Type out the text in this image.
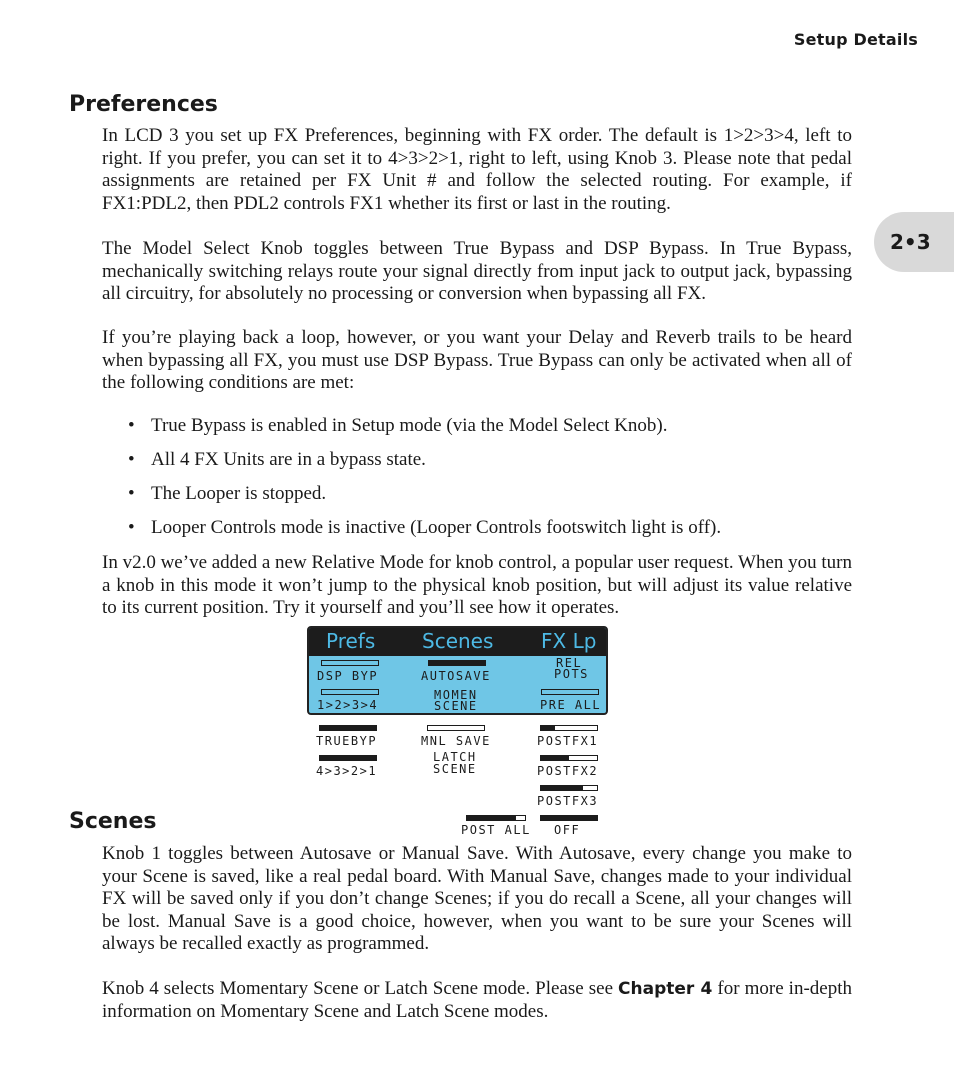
Setup Details
2•3
Preferences

In LCD 3 you set up FX Preferences, beginning with FX order. The default is 1>2>3>4, left to right. If you prefer, you can set it to 4>3>2>1, right to left, using Knob 3. Please note that pedal assignments are retained per FX Unit # and follow the selected routing. For example, if FX1:PDL2, then PDL2 controls FX1 whether its first or last in the routing.

The Model Select Knob toggles between True Bypass and DSP Bypass. In True Bypass, mechanically switching relays route your signal directly from input jack to output jack, bypassing all circuitry, for absolutely no processing or conversion when bypassing all FX.

If you’re playing back a loop, however, or you want your Delay and Reverb trails to be heard when bypassing all FX, you must use DSP Bypass. True Bypass can only be activated when all of the following conditions are met:

• True Bypass is enabled in Setup mode (via the Model Select Knob).
• All 4 FX Units are in a bypass state.
• The Looper is stopped.
• Looper Controls mode is inactive (Looper Controls footswitch light is off).

In v2.0 we’ve added a new Relative Mode for knob control, a popular user request. When you turn a knob in this mode it won’t jump to the physical knob position, but will adjust its value relative to its current position. Try it yourself and you’ll see how it operates.

Prefs Scenes FX Lp
DSP BYP
1>2>3>4
AUTOSAVE
MOMEN
SCENE
REL
POTS
PRE ALL
TRUEBYP
4>3>2>1
MNL SAVE
LATCH
SCENE
POSTFX1
POSTFX2
POSTFX3
OFF
POST ALL
Scenes

Knob 1 toggles between Autosave or Manual Save. With Autosave, every change you make to your Scene is saved, like a real pedal board. With Manual Save, changes made to your individual FX will be saved only if you don’t change Scenes; if you do recall a Scene, all your changes will be lost. Manual Save is a good choice, however, when you want to be sure your Scenes will always be recalled exactly as programmed.

Knob 4 selects Momentary Scene or Latch Scene mode. Please see Chapter 4 for more in-depth information on Momentary Scene and Latch Scene modes.
